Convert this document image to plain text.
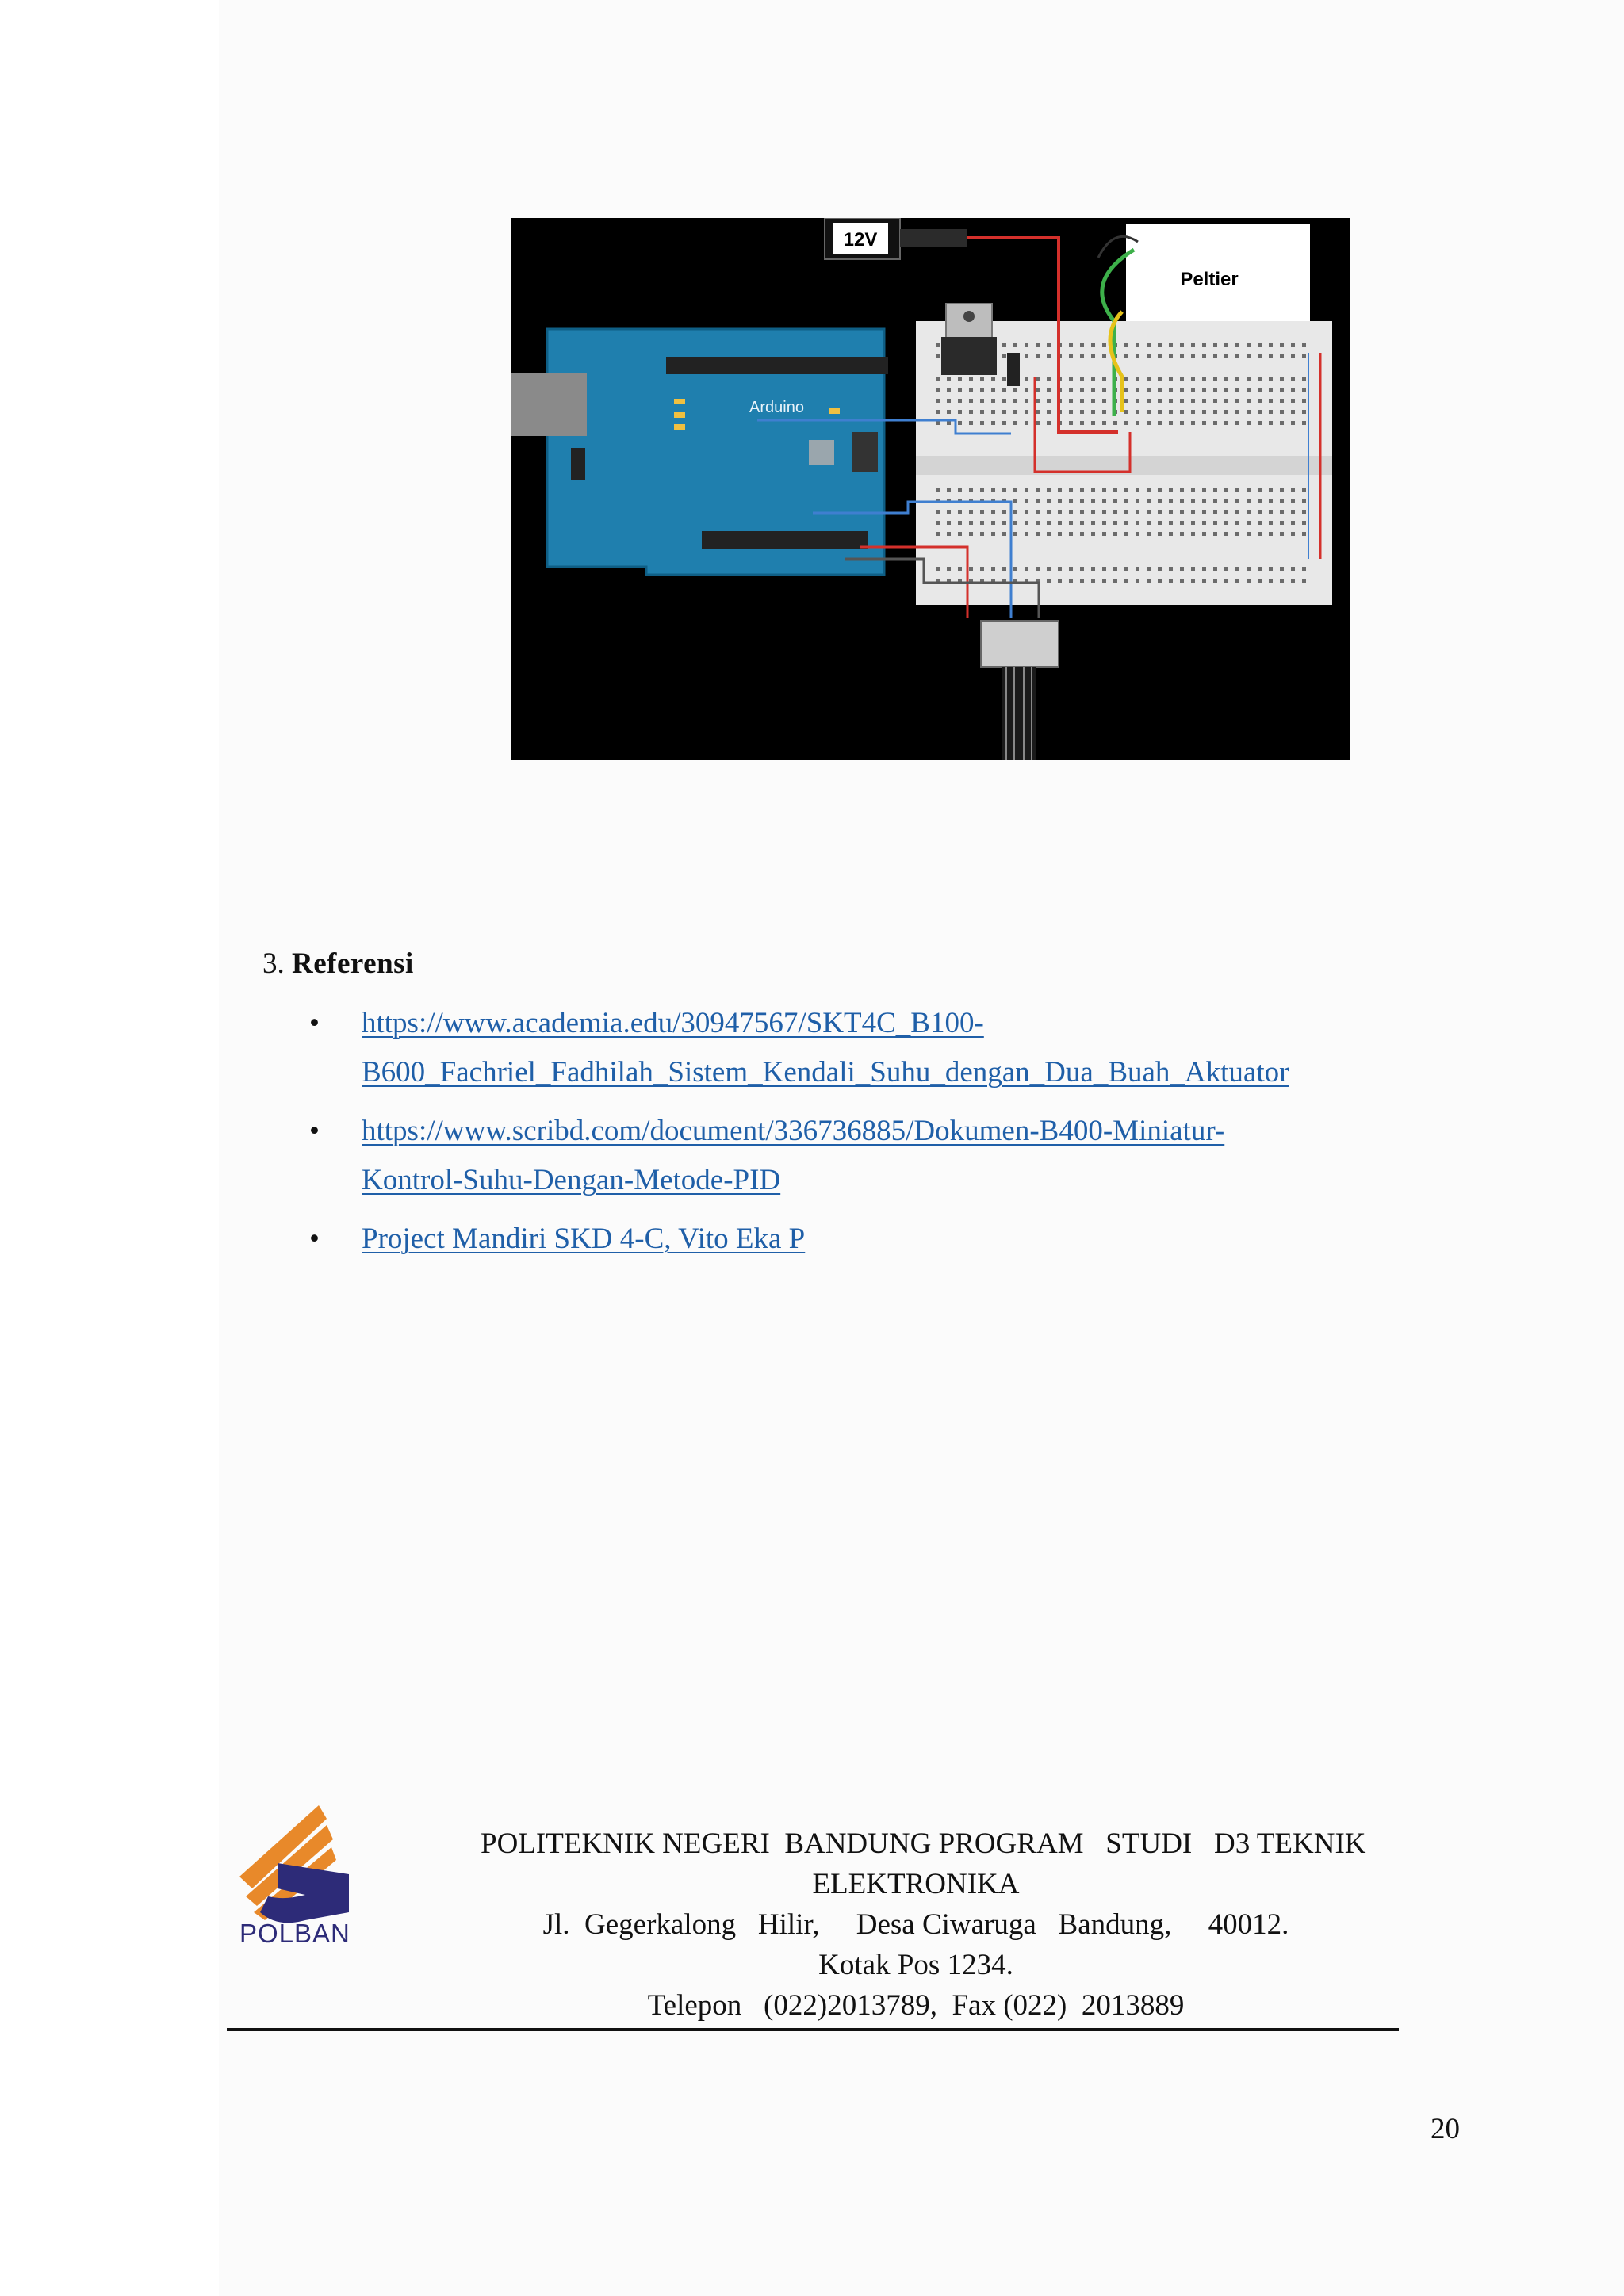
12V
Peltier
Arduino
3. Referensi
• https://www.academia.edu/30947567/SKT4C_B100-
B600_Fachriel_Fadhilah_Sistem_Kendali_Suhu_dengan_Dua_Buah_Aktuator
• https://www.scribd.com/document/336736885/Dokumen-B400-Miniatur-
Kontrol-Suhu-Dengan-Metode-PID
• Project Mandiri SKD 4-C, Vito Eka P
POLBAN
POLITEKNIK NEGERI  BANDUNG PROGRAM   STUDI   D3 TEKNIK
ELEKTRONIKA
Jl.  Gegerkalong   Hilir,     Desa Ciwaruga   Bandung,     40012.
Kotak Pos 1234.
Telepon   (022)2013789,  Fax (022)  2013889
20
